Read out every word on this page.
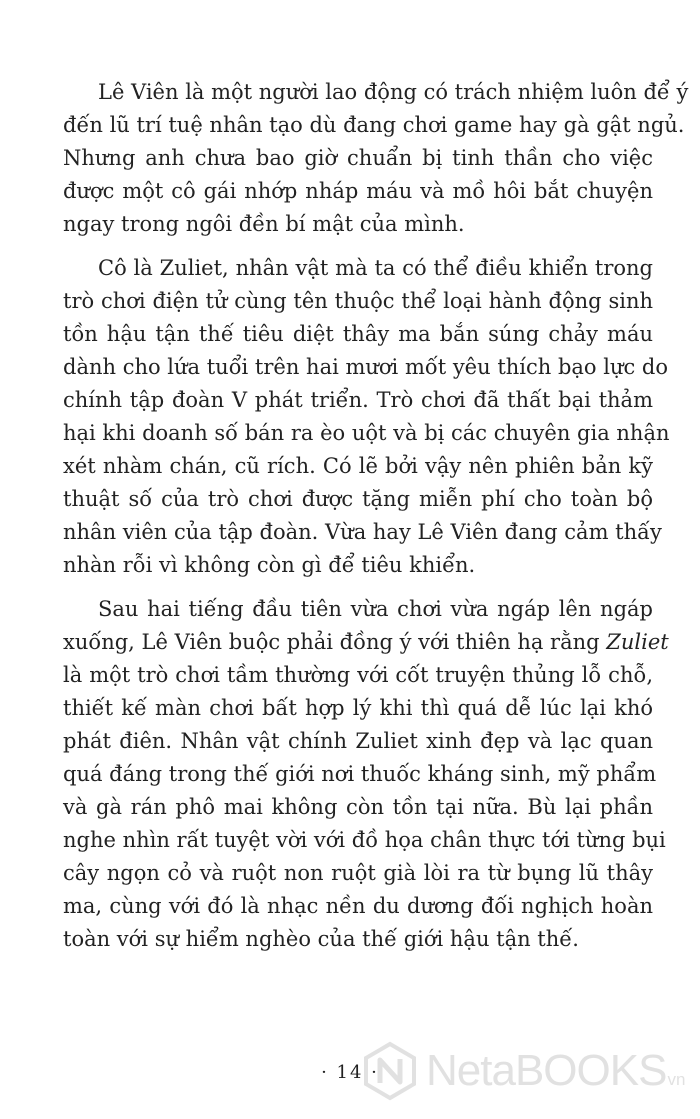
Lê Viên là một người lao động có trách nhiệm luôn để ý
đến lũ trí tuệ nhân tạo dù đang chơi game hay gà gật ngủ.
Nhưng anh chưa bao giờ chuẩn bị tinh thần cho việc
được một cô gái nhớp nháp máu và mồ hôi bắt chuyện
ngay trong ngôi đền bí mật của mình.
Cô là Zuliet, nhân vật mà ta có thể điều khiển trong
trò chơi điện tử cùng tên thuộc thể loại hành động sinh
tồn hậu tận thế tiêu diệt thây ma bắn súng chảy máu
dành cho lứa tuổi trên hai mươi mốt yêu thích bạo lực do
chính tập đoàn V phát triển. Trò chơi đã thất bại thảm
hại khi doanh số bán ra èo uột và bị các chuyên gia nhận
xét nhàm chán, cũ rích. Có lẽ bởi vậy nên phiên bản kỹ
thuật số của trò chơi được tặng miễn phí cho toàn bộ
nhân viên của tập đoàn. Vừa hay Lê Viên đang cảm thấy
nhàn rỗi vì không còn gì để tiêu khiển.
Sau hai tiếng đầu tiên vừa chơi vừa ngáp lên ngáp
xuống, Lê Viên buộc phải đồng ý với thiên hạ rằng Zuliet
là một trò chơi tầm thường với cốt truyện thủng lỗ chỗ,
thiết kế màn chơi bất hợp lý khi thì quá dễ lúc lại khó
phát điên. Nhân vật chính Zuliet xinh đẹp và lạc quan
quá đáng trong thế giới nơi thuốc kháng sinh, mỹ phẩm
và gà rán phô mai không còn tồn tại nữa. Bù lại phần
nghe nhìn rất tuyệt vời với đồ họa chân thực tới từng bụi
cây ngọn cỏ và ruột non ruột già lòi ra từ bụng lũ thây
ma, cùng với đó là nhạc nền du dương đối nghịch hoàn
toàn với sự hiểm nghèo của thế giới hậu tận thế.
· 14 ·	NetaBOOKS vn
